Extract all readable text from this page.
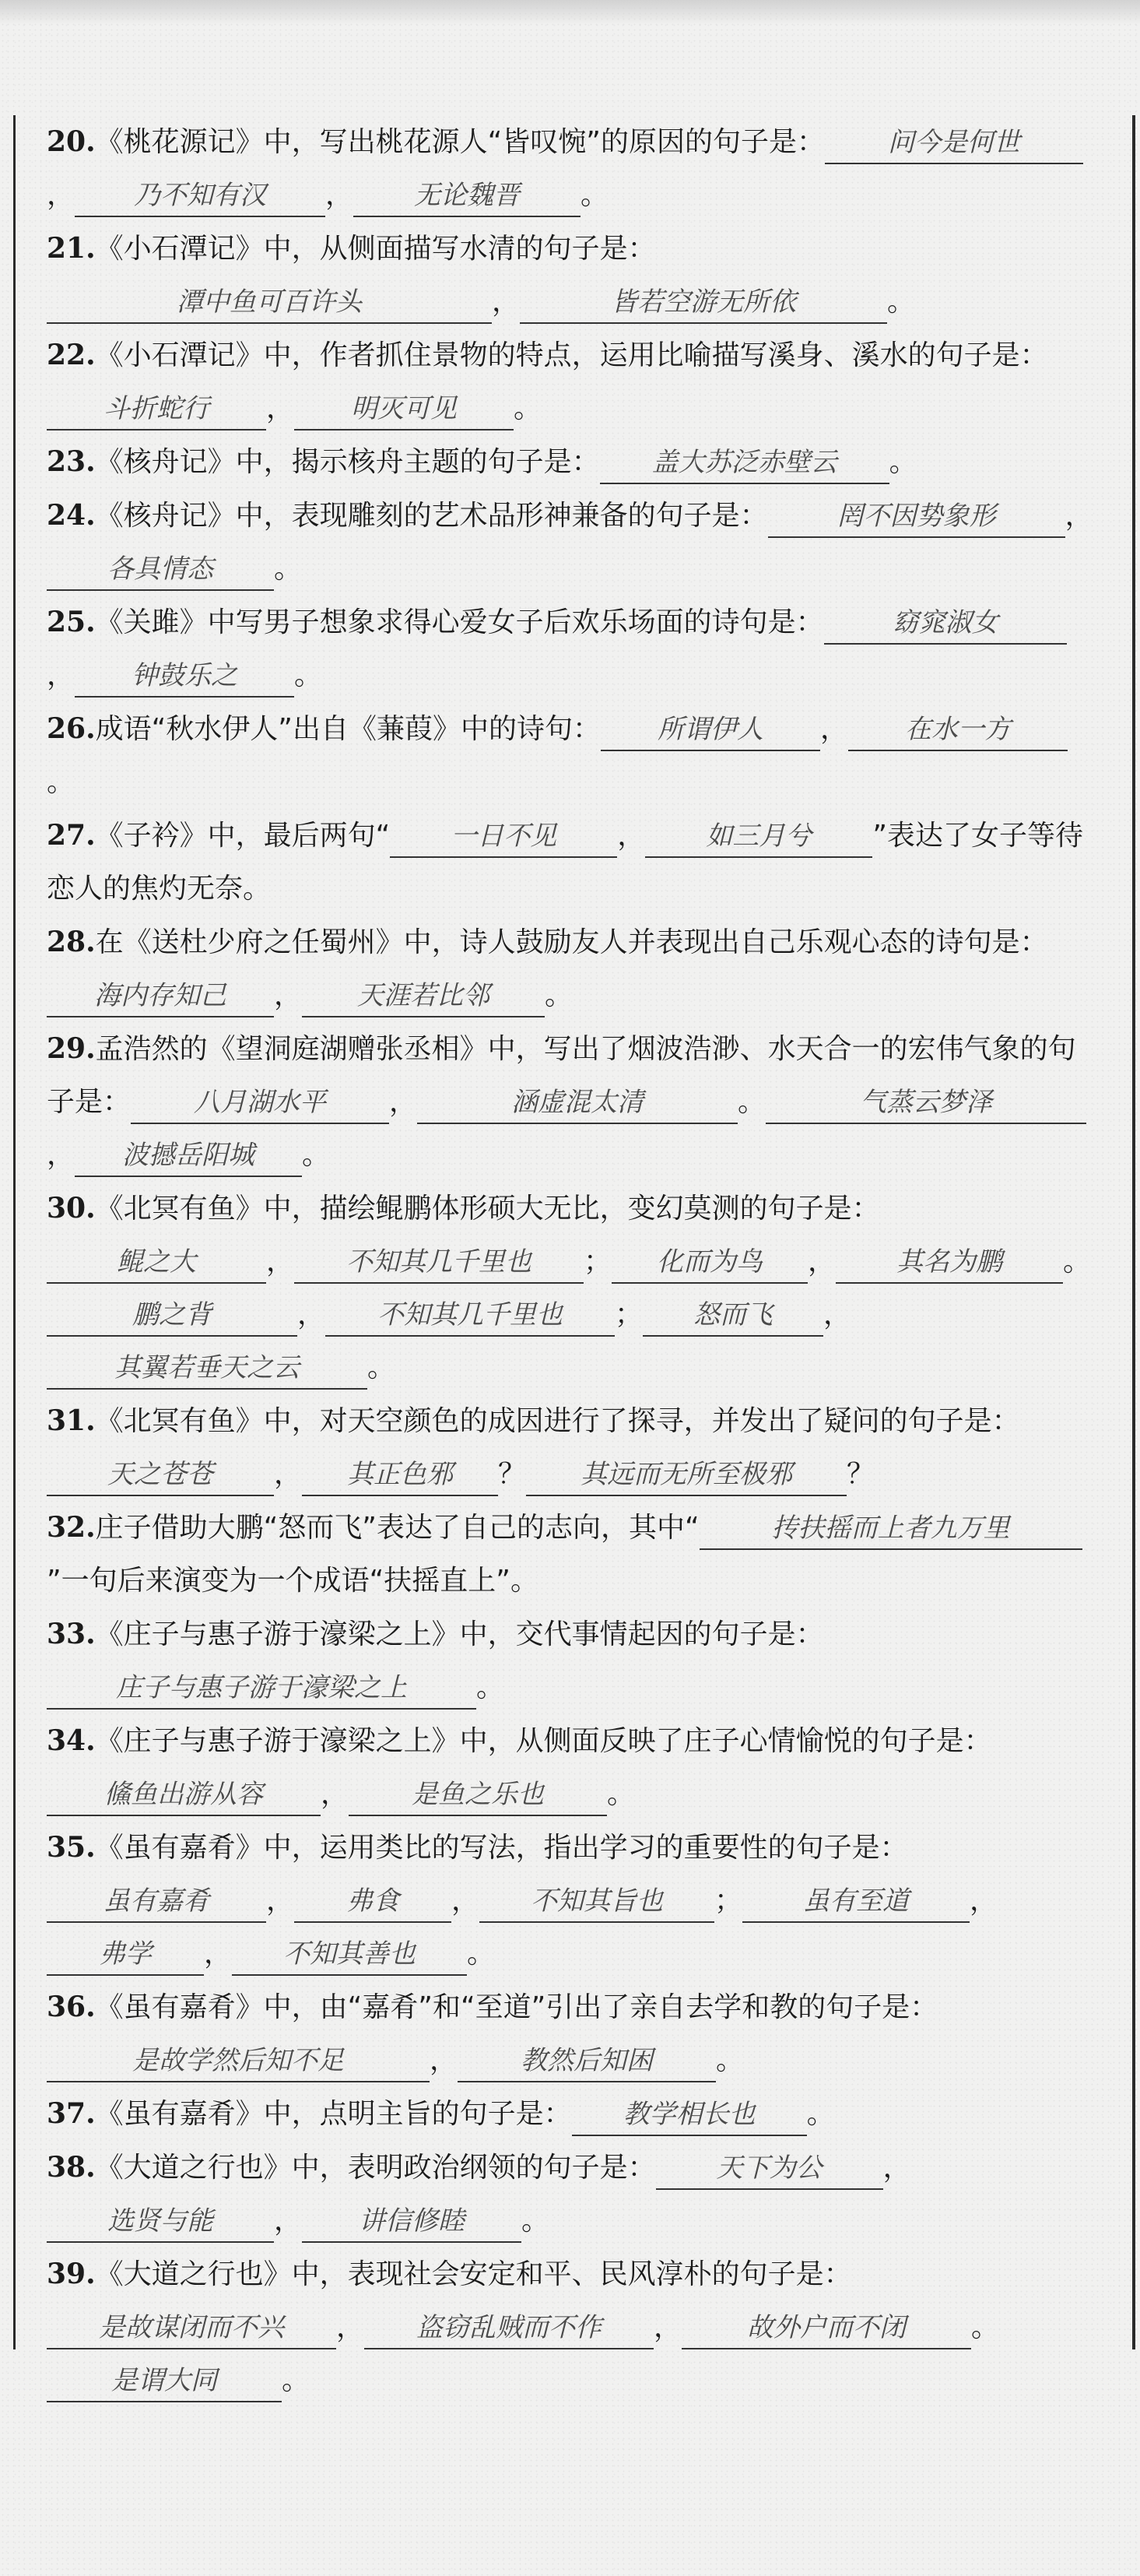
20.《桃花源记》中，写出桃花源人“皆叹惋”的原因的句子是： 问今是何世， 乃不知有汉 ， 无论魏晋 。
21.《小石潭记》中，从侧面描写水清的句子是：潭中鱼可百许头	，	皆若空游无所依	。
22.《小石潭记》中，作者抓住景物的特点，运用比喻描写溪身、溪水的句子是：斗折蛇行 ， 明灭可见 。
23.《核舟记》中，揭示核舟主题的句子是： 盖大苏泛赤壁云 。
24.《核舟记》中，表现雕刻的艺术品形神兼备的句子是：	罔不因势象形 ，各具情态 。
25.《关雎》中写男子想象求得心爱女子后欢乐场面的诗句是：	窈窕淑女， 钟鼓乐之 。
26.成语“秋水伊人”出自《蒹葭》中的诗句： 所谓伊人 ， 在水一方。
27.《子衿》中，最后两句“ 一日不见 ， 如三月兮 ”表达了女子等待恋人的焦灼无奈。
28.在《送杜少府之任蜀州》中，诗人鼓励友人并表现出自己乐观心态的诗句是：海内存知己 ， 天涯若比邻 。
29.孟浩然的《望洞庭湖赠张丞相》中，写出了烟波浩渺、水天合一的宏伟气象的句子是： 八月湖水平 ，	涵虚混太清	。	气蒸云梦泽， 波撼岳阳城 。
30.《北冥有鱼》中，描绘鲲鹏体形硕大无比，变幻莫测的句子是：鲲之大	， 不知其几千里也 ； 化而为鸟 ， 其名为鹏 。鹏之背	， 不知其几千里也 ； 怒而飞 ，其翼若垂天之云 。
31.《北冥有鱼》中，对天空颜色的成因进行了探寻，并发出了疑问的句子是：天之苍苍 ， 其正色邪 ？ 其远而无所至极邪 ？
32.庄子借助大鹏“怒而飞”表达了自己的志向，其中“	抟扶摇而上者九万里”一句后来演变为一个成语“扶摇直上”。
33.《庄子与惠子游于濠梁之上》中，交代事情起因的句子是：庄子与惠子游于濠梁之上 。
34.《庄子与惠子游于濠梁之上》中，从侧面反映了庄子心情愉悦的句子是：鯈鱼出游从容 ， 是鱼之乐也 。
35.《虽有嘉肴》中，运用类比的写法，指出学习的重要性的句子是：虽有嘉肴 ， 弗食 ， 不知其旨也 ； 虽有至道 ，弗学 ， 不知其善也 。
36.《虽有嘉肴》中，由“嘉肴”和“至道”引出了亲自去学和教的句子是：是故学然后知不足	， 教然后知困 。
37.《虽有嘉肴》中，点明主旨的句子是： 教学相长也 。
38.《大道之行也》中，表明政治纲领的句子是： 天下为公 ，选贤与能 ， 讲信修睦 。
39.《大道之行也》中，表现社会安定和平、民风淳朴的句子是：是故谋闭而不兴 ， 盗窃乱贼而不作 ， 故外户而不闭 。是谓大同 。
